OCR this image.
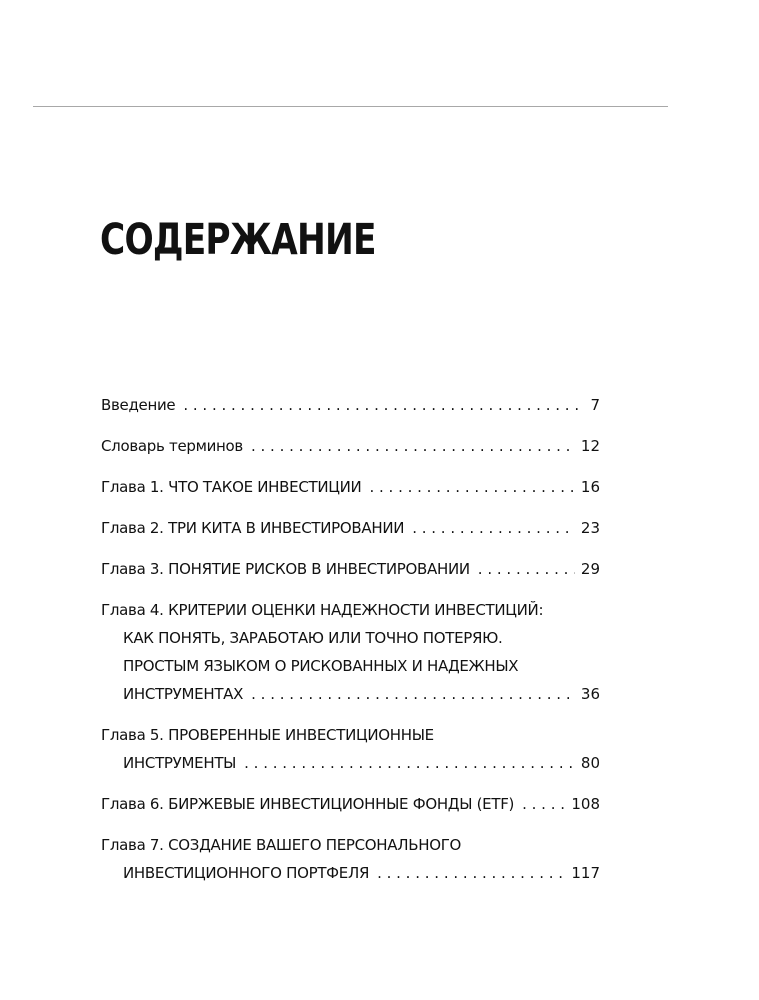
СОДЕРЖАНИЕ
Введение . . .	7
Словарь терминов . . .	12
Глава 1. ЧТО ТАКОЕ ИНВЕСТИЦИИ . . .	16
Глава 2. ТРИ КИТА В ИНВЕСТИРОВАНИИ . . .	23
Глава 3. ПОНЯТИЕ РИСКОВ В ИНВЕСТИРОВАНИИ . . .	29
Глава 4. КРИТЕРИИ ОЦЕНКИ НАДЕЖНОСТИ ИНВЕСТИЦИЙ:
КАК ПОНЯТЬ, ЗАРАБОТАЮ ИЛИ ТОЧНО ПОТЕРЯЮ.
ПРОСТЫМ ЯЗЫКОМ О РИСКОВАННЫХ И НАДЕЖНЫХ
ИНСТРУМЕНТАХ . . .	36
Глава 5. ПРОВЕРЕННЫЕ ИНВЕСТИЦИОННЫЕ
ИНСТРУМЕНТЫ . . .	80
Глава 6. БИРЖЕВЫЕ ИНВЕСТИЦИОННЫЕ ФОНДЫ (ETF) . . .	108
Глава 7. СОЗДАНИЕ ВАШЕГО ПЕРСОНАЛЬНОГО
ИНВЕСТИЦИОННОГО ПОРТФЕЛЯ . . .	117
